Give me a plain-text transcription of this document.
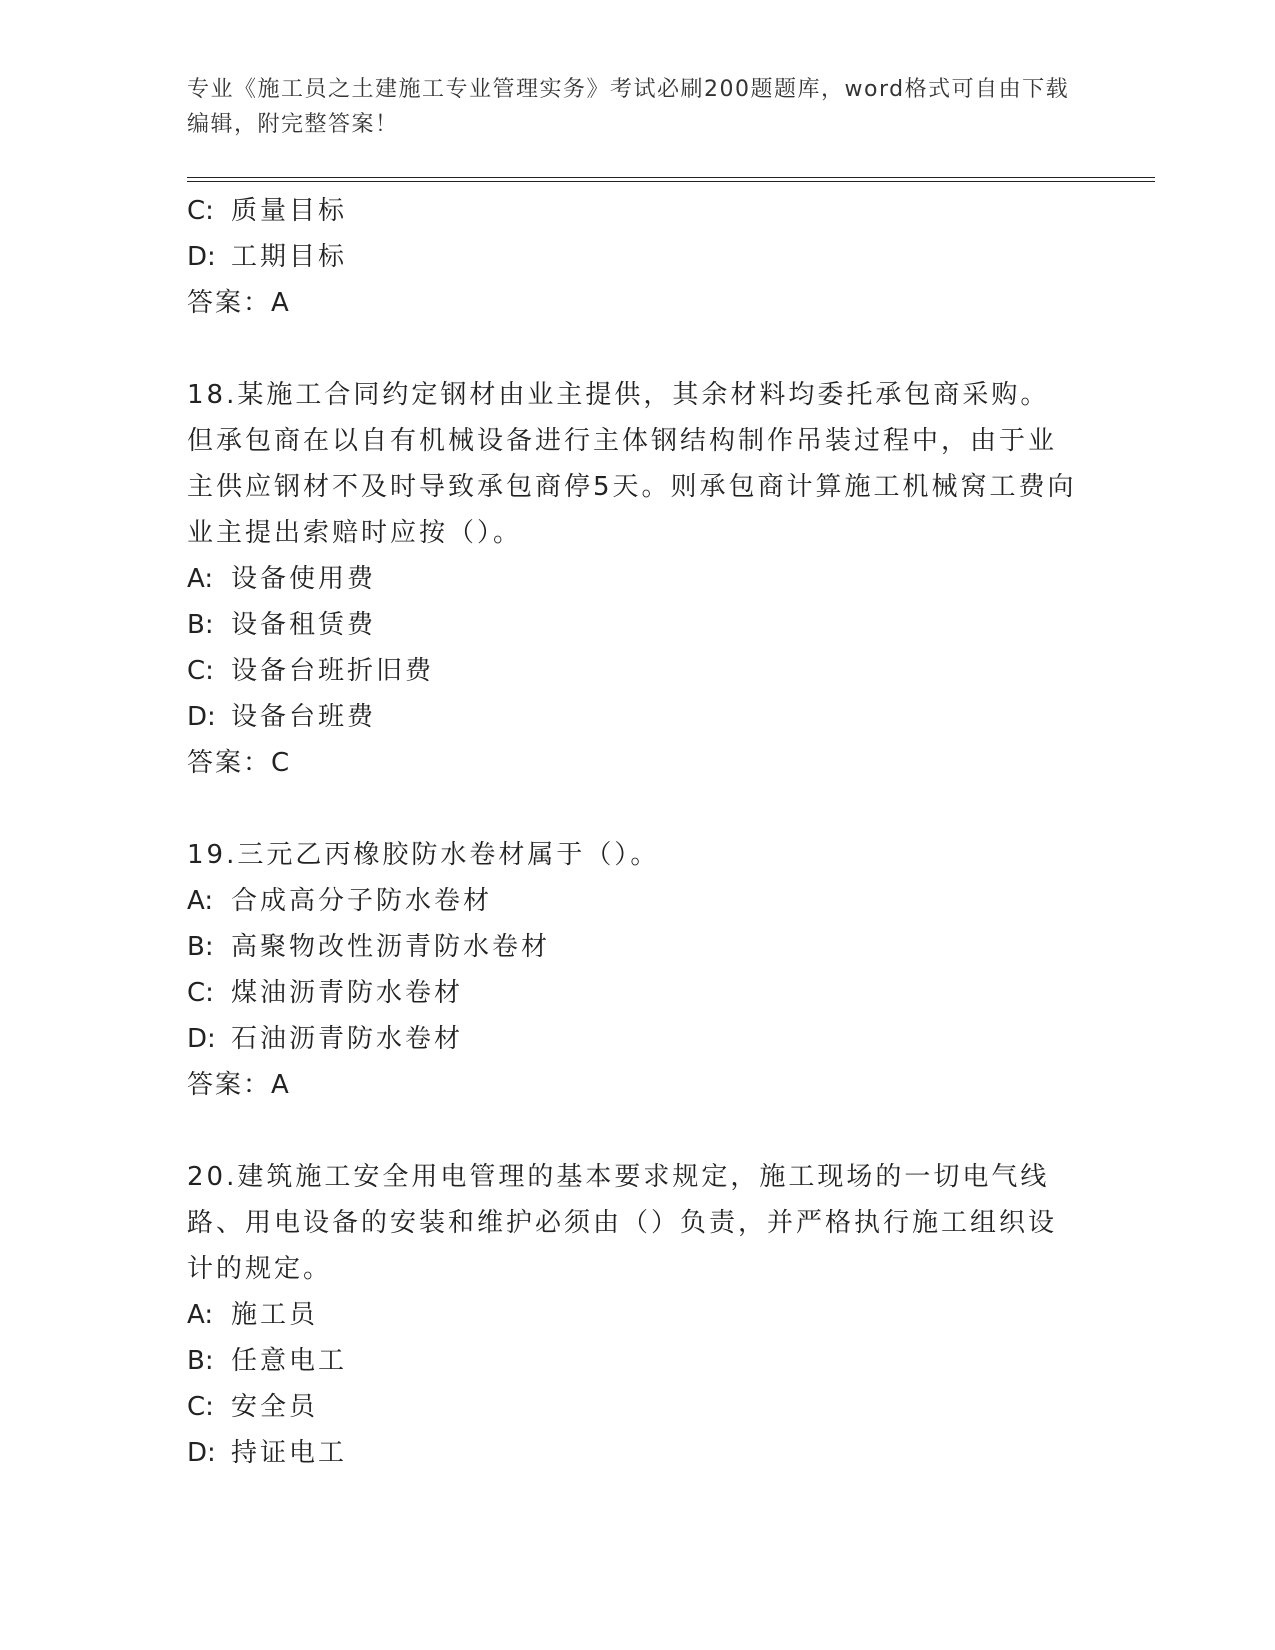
专业《施工员之土建施工专业管理实务》考试必刷200题题库，word格式可自由下载编辑，附完整答案！

C: 质量目标

D: 工期目标

答案：A

18.某施工合同约定钢材由业主提供，其余材料均委托承包商采购。但承包商在以自有机械设备进行主体钢结构制作吊装过程中，由于业主供应钢材不及时导致承包商停5天。则承包商计算施工机械窝工费向业主提出索赔时应按（）。

A: 设备使用费

B: 设备租赁费

C: 设备台班折旧费

D: 设备台班费

答案：C

19.三元乙丙橡胶防水卷材属于（）。

A: 合成高分子防水卷材

B: 高聚物改性沥青防水卷材

C: 煤油沥青防水卷材

D: 石油沥青防水卷材

答案：A

20.建筑施工安全用电管理的基本要求规定，施工现场的一切电气线路、用电设备的安装和维护必须由（）负责，并严格执行施工组织设计的规定。

A: 施工员

B: 任意电工

C: 安全员

D: 持证电工
